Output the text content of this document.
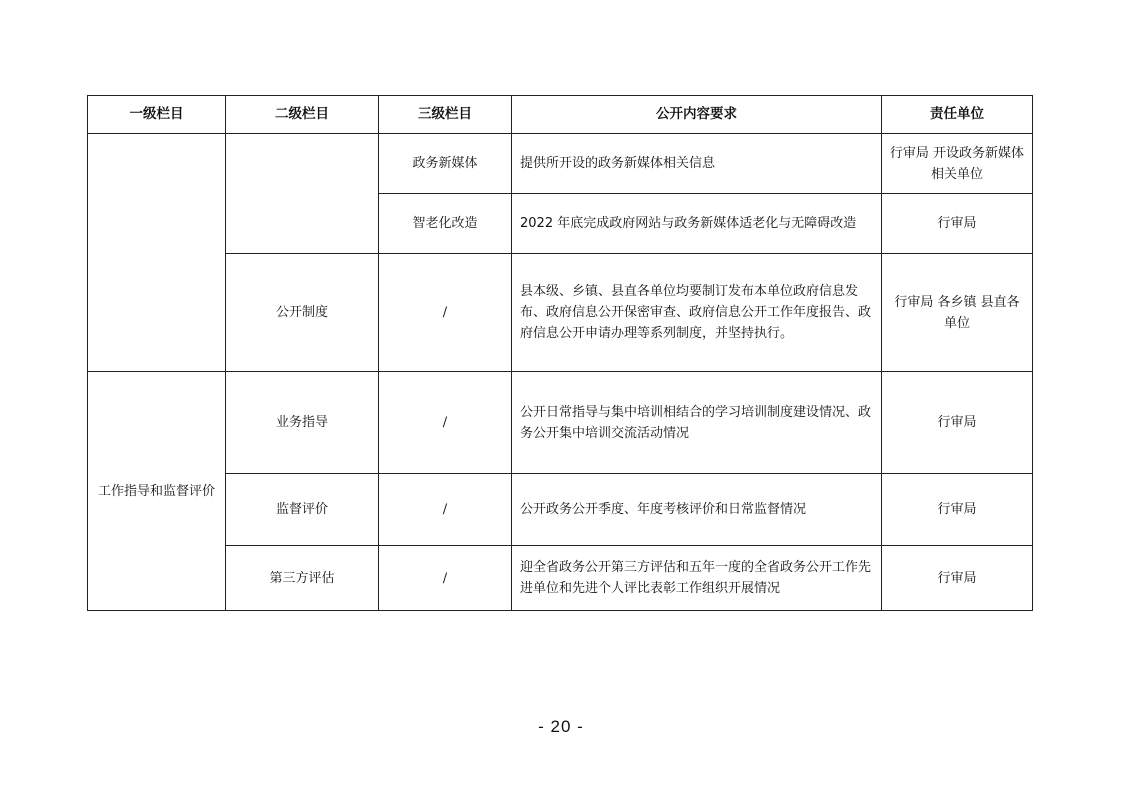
一级栏目	二级栏目	三级栏目	公开内容要求	责任单位
		政务新媒体	提供所开设的政务新媒体相关信息	行审局 开设政务新媒体相关单位
		智老化改造	2022 年底完成政府网站与政务新媒体适老化与无障碍改造	行审局
	公开制度	/	县本级、乡镇、县直各单位均要制订发布本单位政府信息发布、政府信息公开保密审查、政府信息公开工作年度报告、政府信息公开申请办理等系列制度，并坚持执行。	行审局 各乡镇 县直各单位
工作指导和监督评价	业务指导	/	公开日常指导与集中培训相结合的学习培训制度建设情况、政务公开集中培训交流活动情况	行审局
	监督评价	/	公开政务公开季度、年度考核评价和日常监督情况	行审局
	第三方评估	/	迎全省政务公开第三方评估和五年一度的全省政务公开工作先进单位和先进个人评比表彰工作组织开展情况	行审局
- 20 -
